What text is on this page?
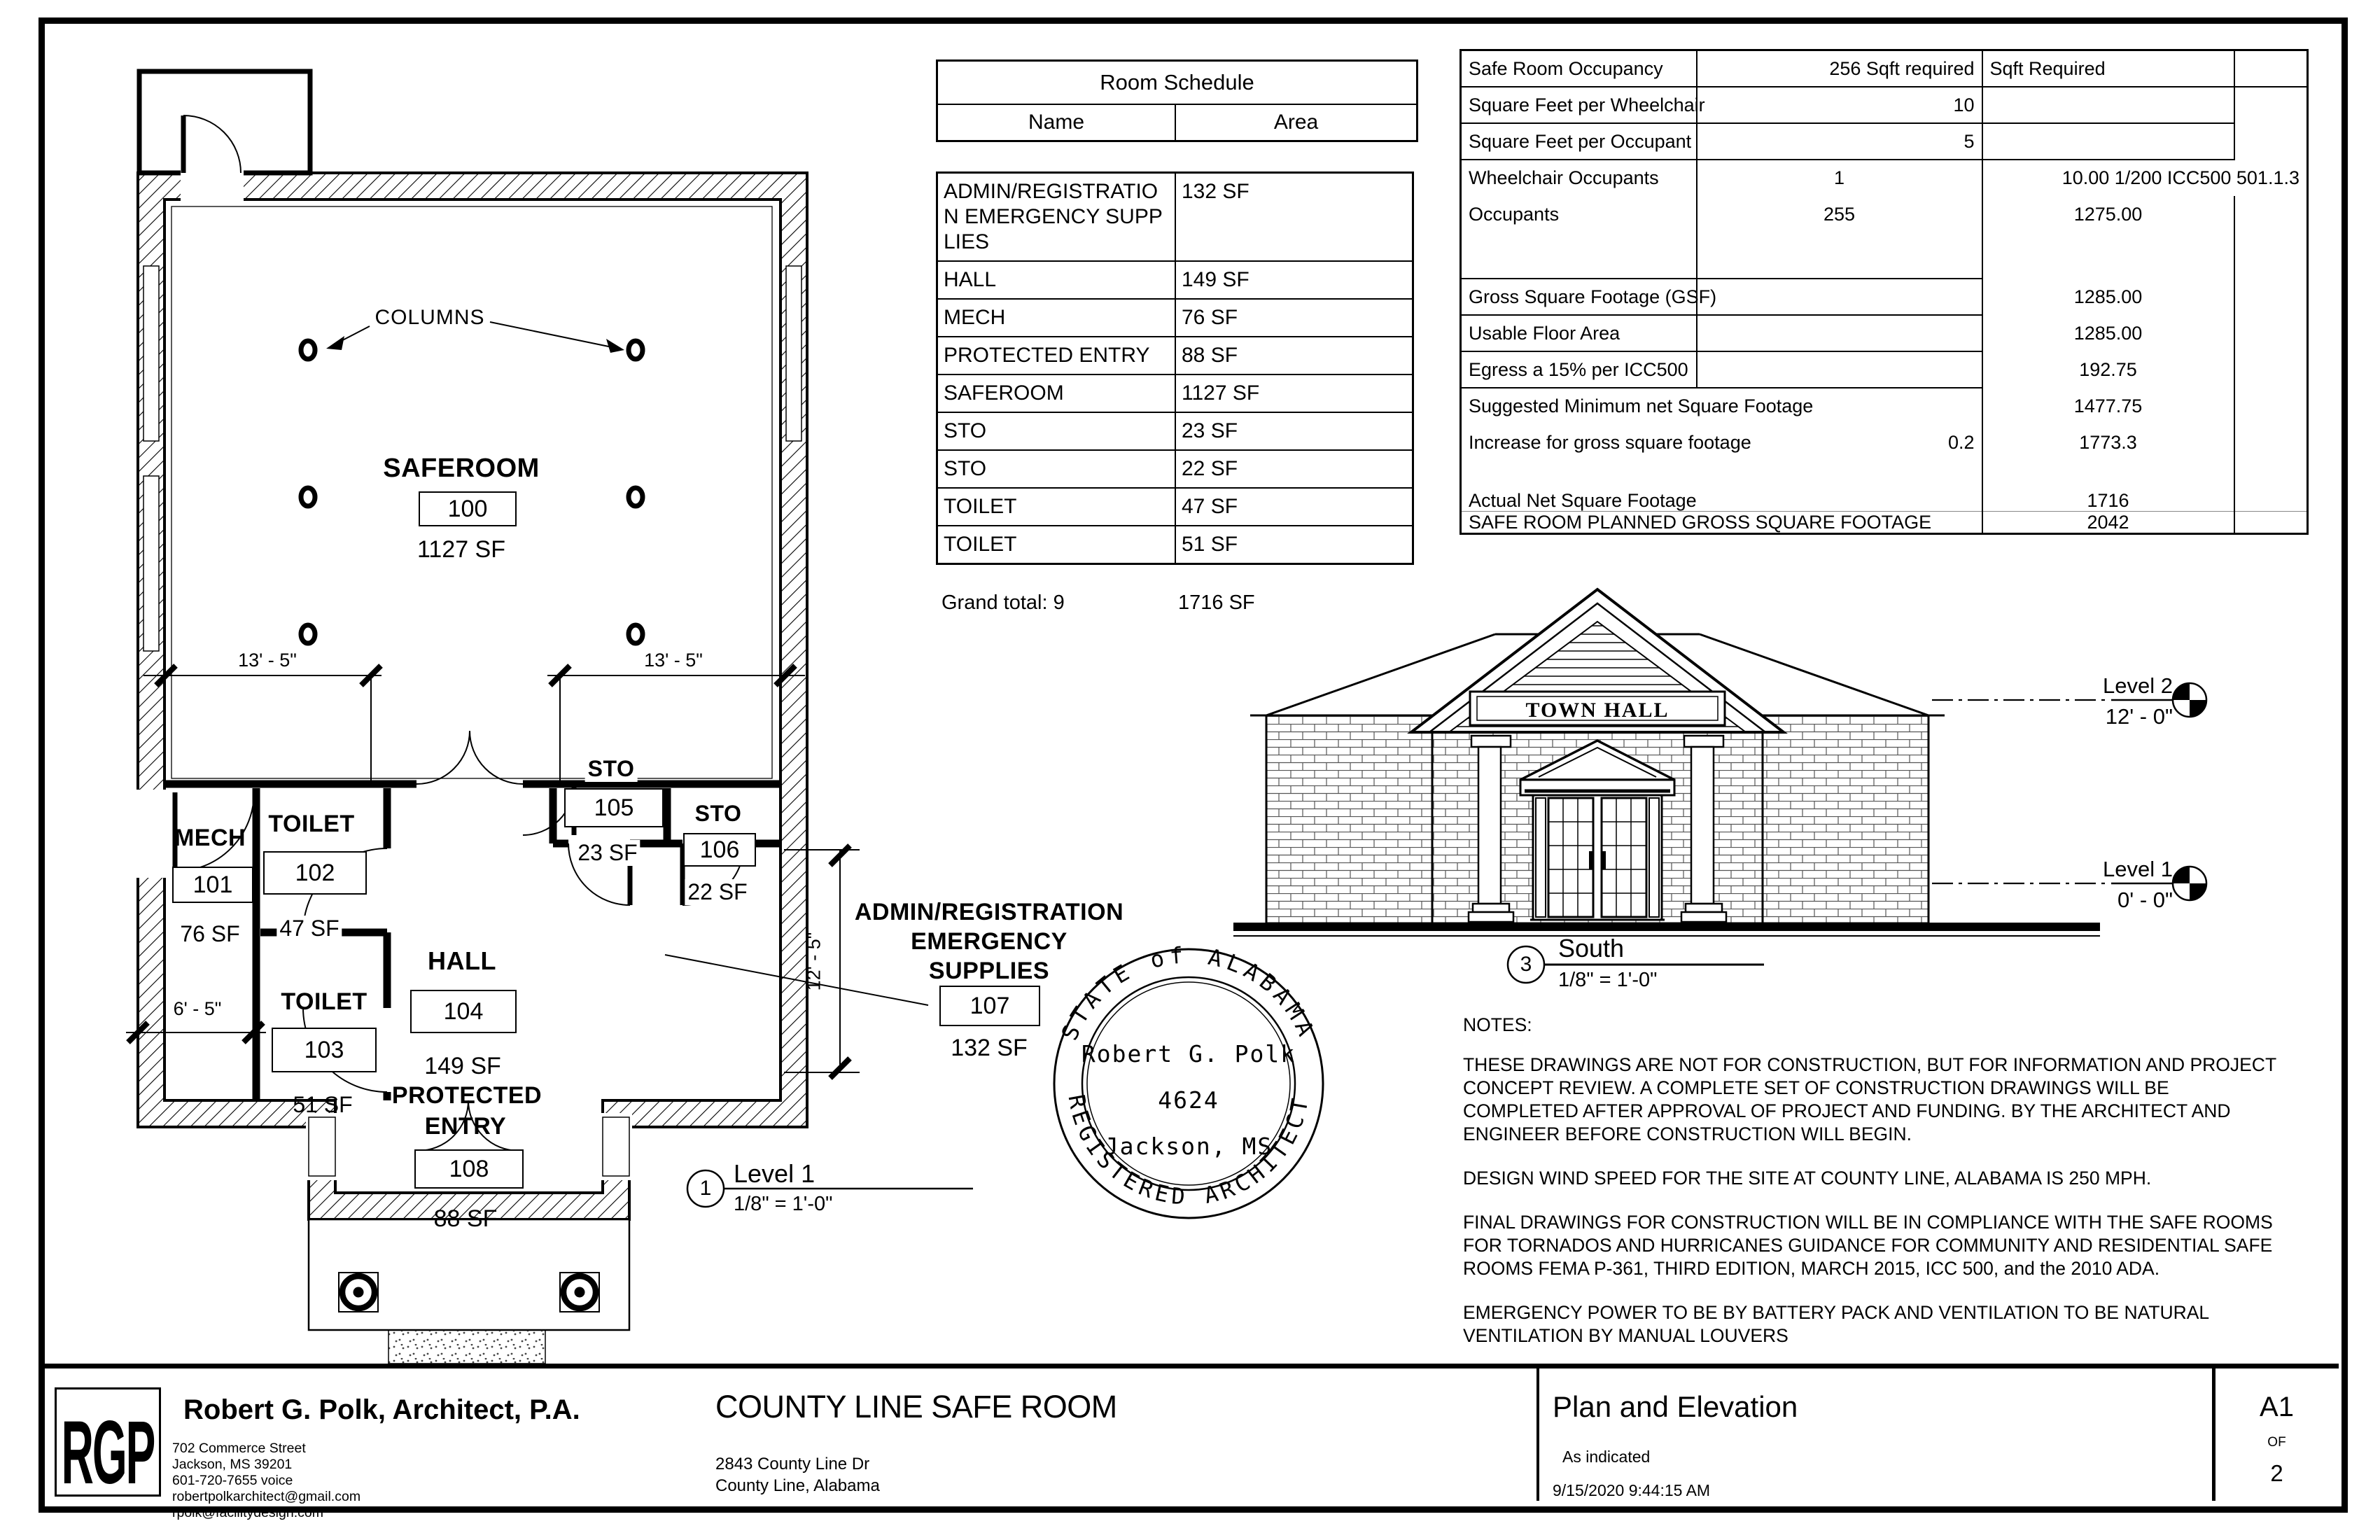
STATE of ALABAMA
REGISTERED ARCHITECT
Room Schedule
Name	Area
ADMIN/REGISTRATION EMERGENCY SUPPLIES	132 SF
HALL	149 SF
MECH	76 SF
PROTECTED ENTRY	88 SF
SAFEROOM	1127 SF
STO	23 SF
STO	22 SF
TOILET	47 SF
TOILET	51 SF
Grand total: 9	1716 SF
Safe Room Occupancy	256 Sqft required	Sqft Required	
Square Feet per Wheelchair	10		
Square Feet per Occupant	5		
Wheelchair Occupants	1	10.00 1/200 ICC500 501.1.3	
Occupants	255	1275.00	

Gross Square Footage (GSF)		1285.00	
Usable Floor Area		1285.00	
Egress a 15% per ICC500		192.75	
Suggested Minimum net Square Footage		1477.75	
Increase for gross square footage	0.2	1773.3	

Actual Net Square Footage		1716	
SAFE ROOM PLANNED GROSS SQUARE FOOTAGE		2042	
COLUMNS
SAFEROOM
100
1127 SF
MECH
101
76 SF
6' - 5"
TOILET
102
47 SF
TOILET
103
51 SF
HALL
104
149 SF
STO
105
23 SF
STO
106
22 SF
ADMIN/REGISTRATION
EMERGENCY
SUPPLIES
107
132 SF
PROTECTED
ENTRY
108
88 SF
13' - 5"	13' - 5"
12' - 5"
1
Level 1
1/8" = 1'-0"
TOWN HALL
Level 2
12' - 0"
Level 1
0' - 0"
3
South
1/8" = 1'-0"
Robert G. Polk
4624
Jackson, MS

NOTES:

THESE DRAWINGS ARE NOT FOR CONSTRUCTION, BUT FOR INFORMATION AND PROJECT CONCEPT REVIEW. A COMPLETE SET OF CONSTRUCTION DRAWINGS WILL BE COMPLETED AFTER APPROVAL OF PROJECT AND FUNDING. BY THE ARCHITECT AND ENGINEER BEFORE CONSTRUCTION WILL BEGIN.

DESIGN WIND SPEED FOR THE SITE AT COUNTY LINE, ALABAMA IS 250 MPH.

FINAL DRAWINGS FOR CONSTRUCTION WILL BE IN COMPLIANCE WITH THE SAFE ROOMS FOR TORNADOS AND HURRICANES GUIDANCE FOR COMMUNITY AND RESIDENTIAL SAFE ROOMS FEMA P-361, THIRD EDITION, MARCH 2015, ICC 500, and the 2010 ADA.

EMERGENCY POWER TO BE BY BATTERY PACK AND VENTILATION TO BE NATURAL VENTILATION BY MANUAL LOUVERS

RGP Robert G. Polk, Architect, P.A.
702 Commerce Street
Jackson, MS 39201
601-720-7655 voice
robertpolkarchitect@gmail.com
rpolk@facilitydesign.com
COUNTY LINE SAFE ROOM
2843 County Line Dr
County Line, Alabama
Plan and Elevation
As indicated
9/15/2020 9:44:15 AM
A1
OF
2
